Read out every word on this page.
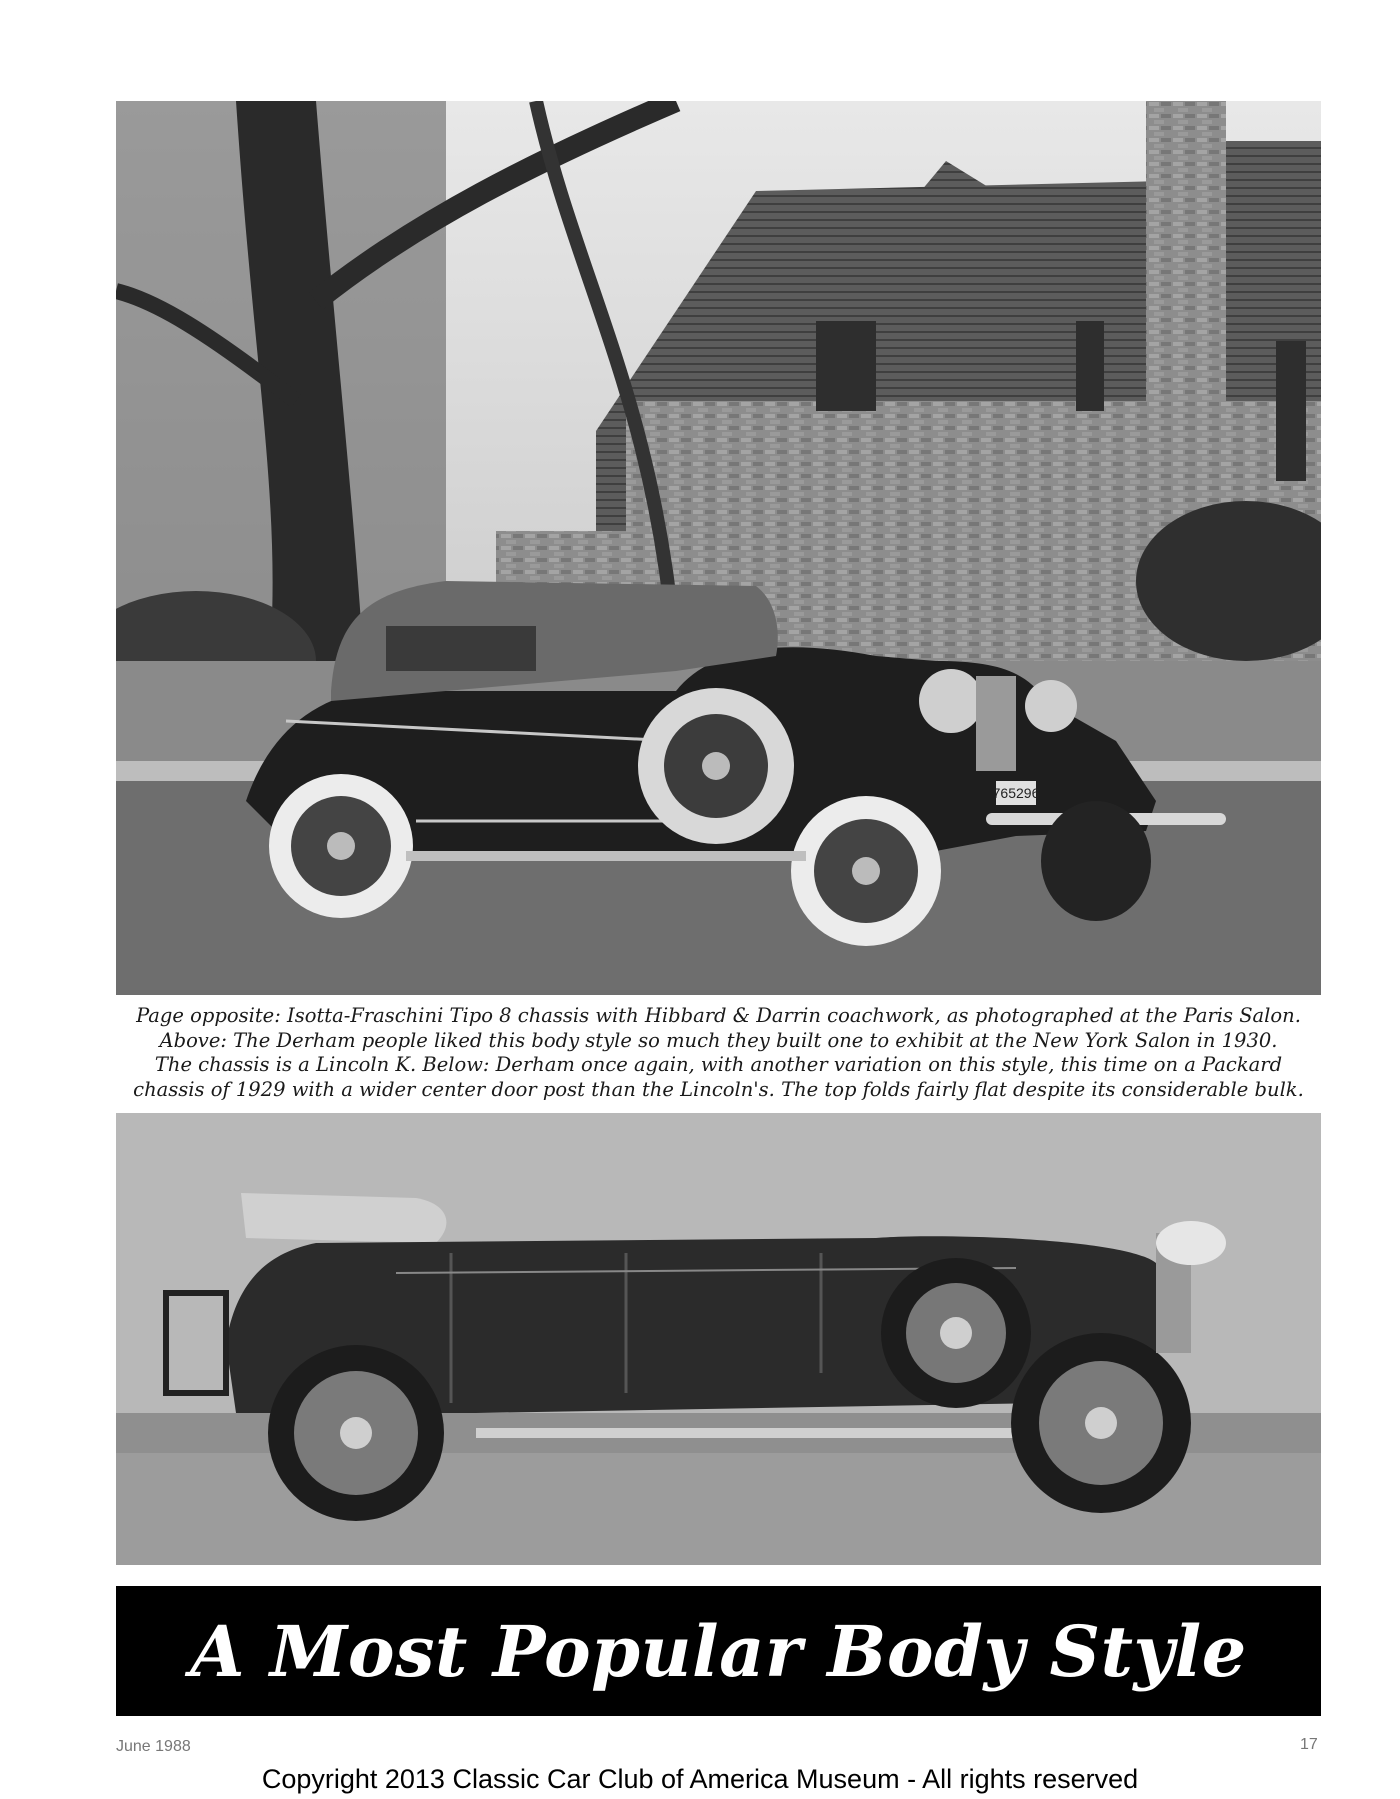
765296

Page opposite: Isotta-Fraschini Tipo 8 chassis with Hibbard & Darrin coachwork, as photographed at the Paris Salon.
Above: The Derham people liked this body style so much they built one to exhibit at the New York Salon in 1930.
The chassis is a Lincoln K. Below: Derham once again, with another variation on this style, this time on a Packard
chassis of 1929 with a wider center door post than the Lincoln's. The top folds fairly flat despite its considerable bulk.

A Most Popular Body Style
June 1988	17
Copyright 2013 Classic Car Club of America Museum - All rights reserved
